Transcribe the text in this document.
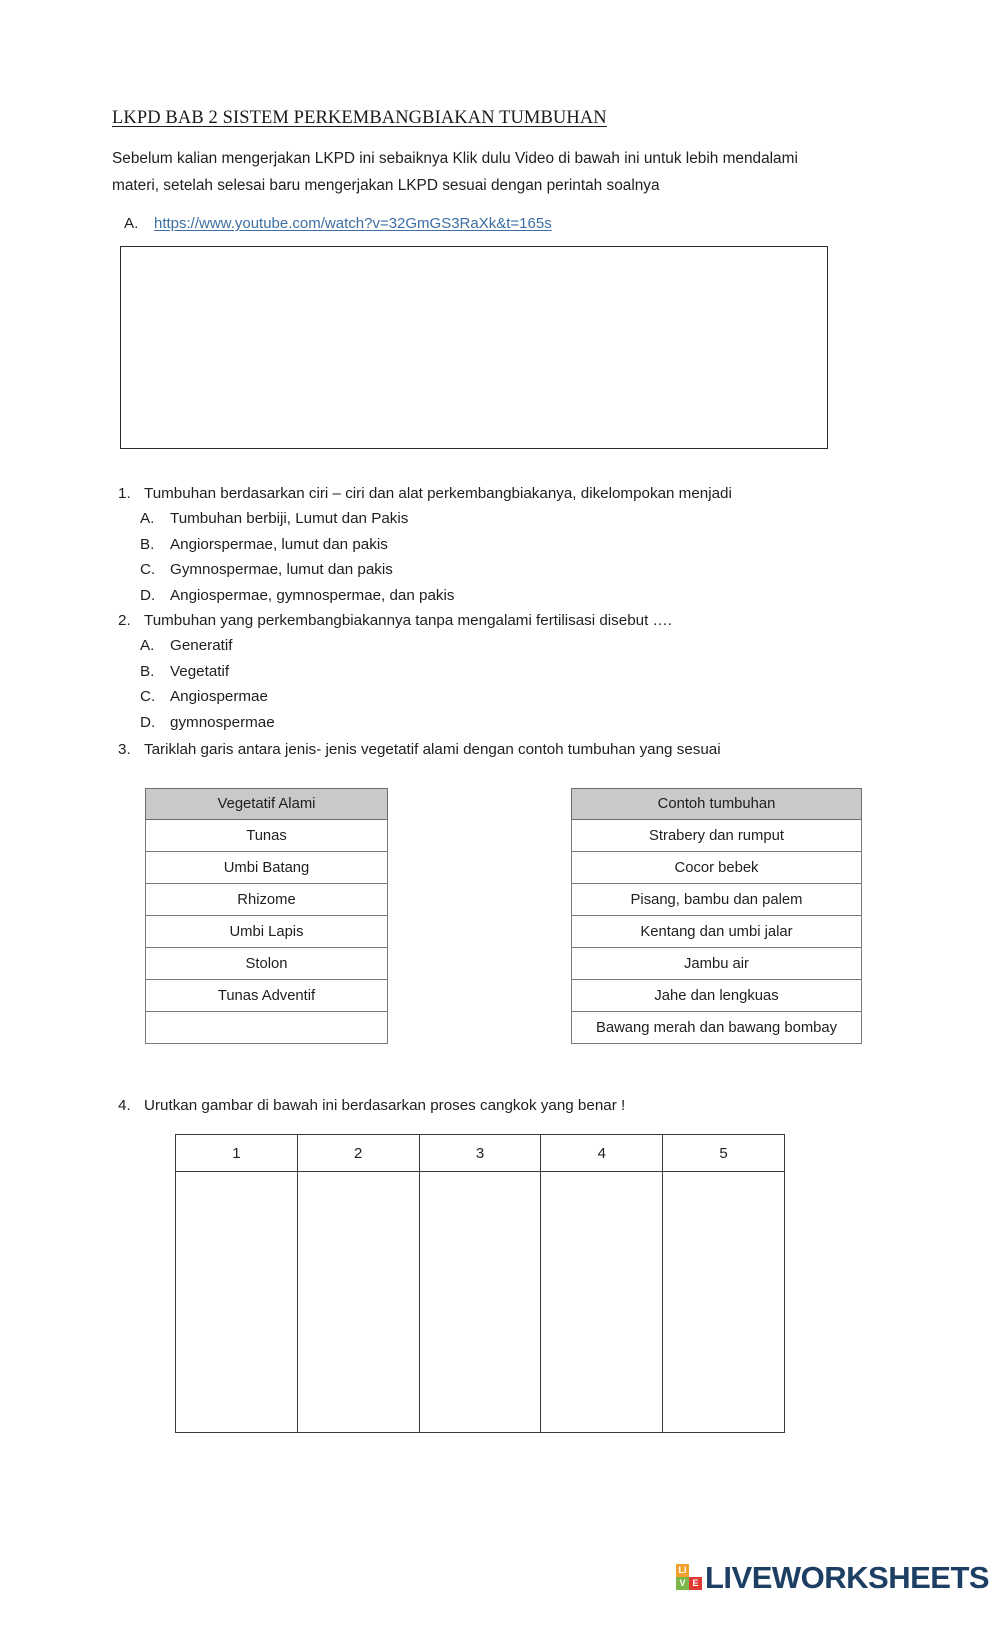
LKPD BAB 2 SISTEM PERKEMBANGBIAKAN TUMBUHAN

Sebelum kalian mengerjakan LKPD ini sebaiknya Klik dulu Video di bawah ini untuk lebih mendalami materi, setelah selesai baru mengerjakan LKPD sesuai dengan perintah soalnya

A.	https://www.youtube.com/watch?v=32GmGS3RaXk&t=165s
1. Tumbuhan berdasarkan ciri – ciri dan alat perkembangbiakanya, dikelompokan menjadi
A.	Tumbuhan berbiji, Lumut dan Pakis
B.	Angiorspermae, lumut dan pakis
C. Gymnospermae, lumut dan pakis
D. Angiospermae, gymnospermae, dan pakis
2. Tumbuhan yang perkembangbiakannya tanpa mengalami fertilisasi disebut ….
A.	Generatif
B.	Vegetatif
C. Angiospermae
D. gymnospermae
3. Tariklah garis antara jenis- jenis vegetatif alami dengan contoh tumbuhan yang sesuai
Vegetatif Alami
Tunas
Umbi Batang
Rhizome
Umbi Lapis
Stolon
Tunas Adventif

Contoh tumbuhan
Strabery dan rumput
Cocor bebek
Pisang, bambu dan palem
Kentang dan umbi jalar
Jambu air
Jahe dan lengkuas
Bawang merah dan bawang bombay
4. Urutkan gambar di bawah ini berdasarkan proses cangkok yang benar !
1	2	3	4	5

LI
V E LIVEWORKSHEETS
